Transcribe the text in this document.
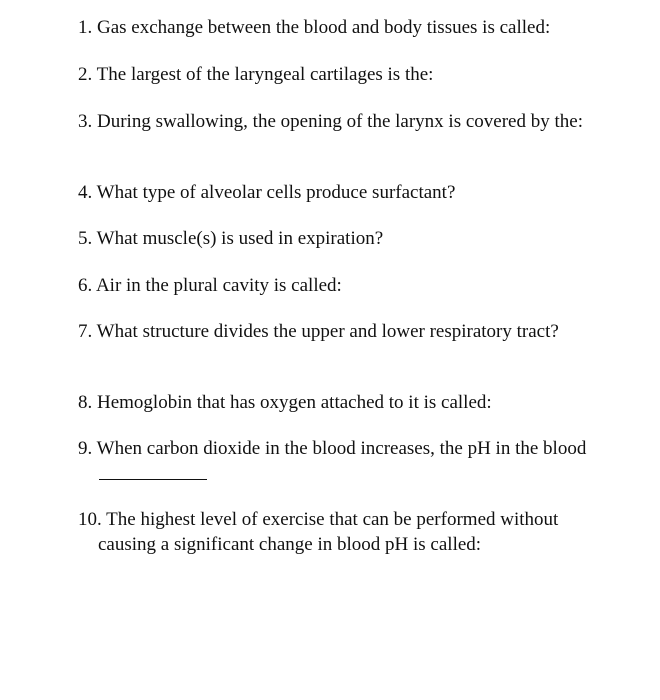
1. Gas exchange between the blood and body tissues is called:
2. The largest of the laryngeal cartilages is the:
3. During swallowing, the opening of the larynx is covered by the:
4. What type of alveolar cells produce surfactant?
5. What muscle(s) is used in expiration?
6. Air in the plural cavity is called:
7. What structure divides the upper and lower respiratory tract?
8. Hemoglobin that has oxygen attached to it is called:
9. When carbon dioxide in the blood increases, the pH in the blood
10. The highest level of exercise that can be performed without causing a significant change in blood pH is called:
